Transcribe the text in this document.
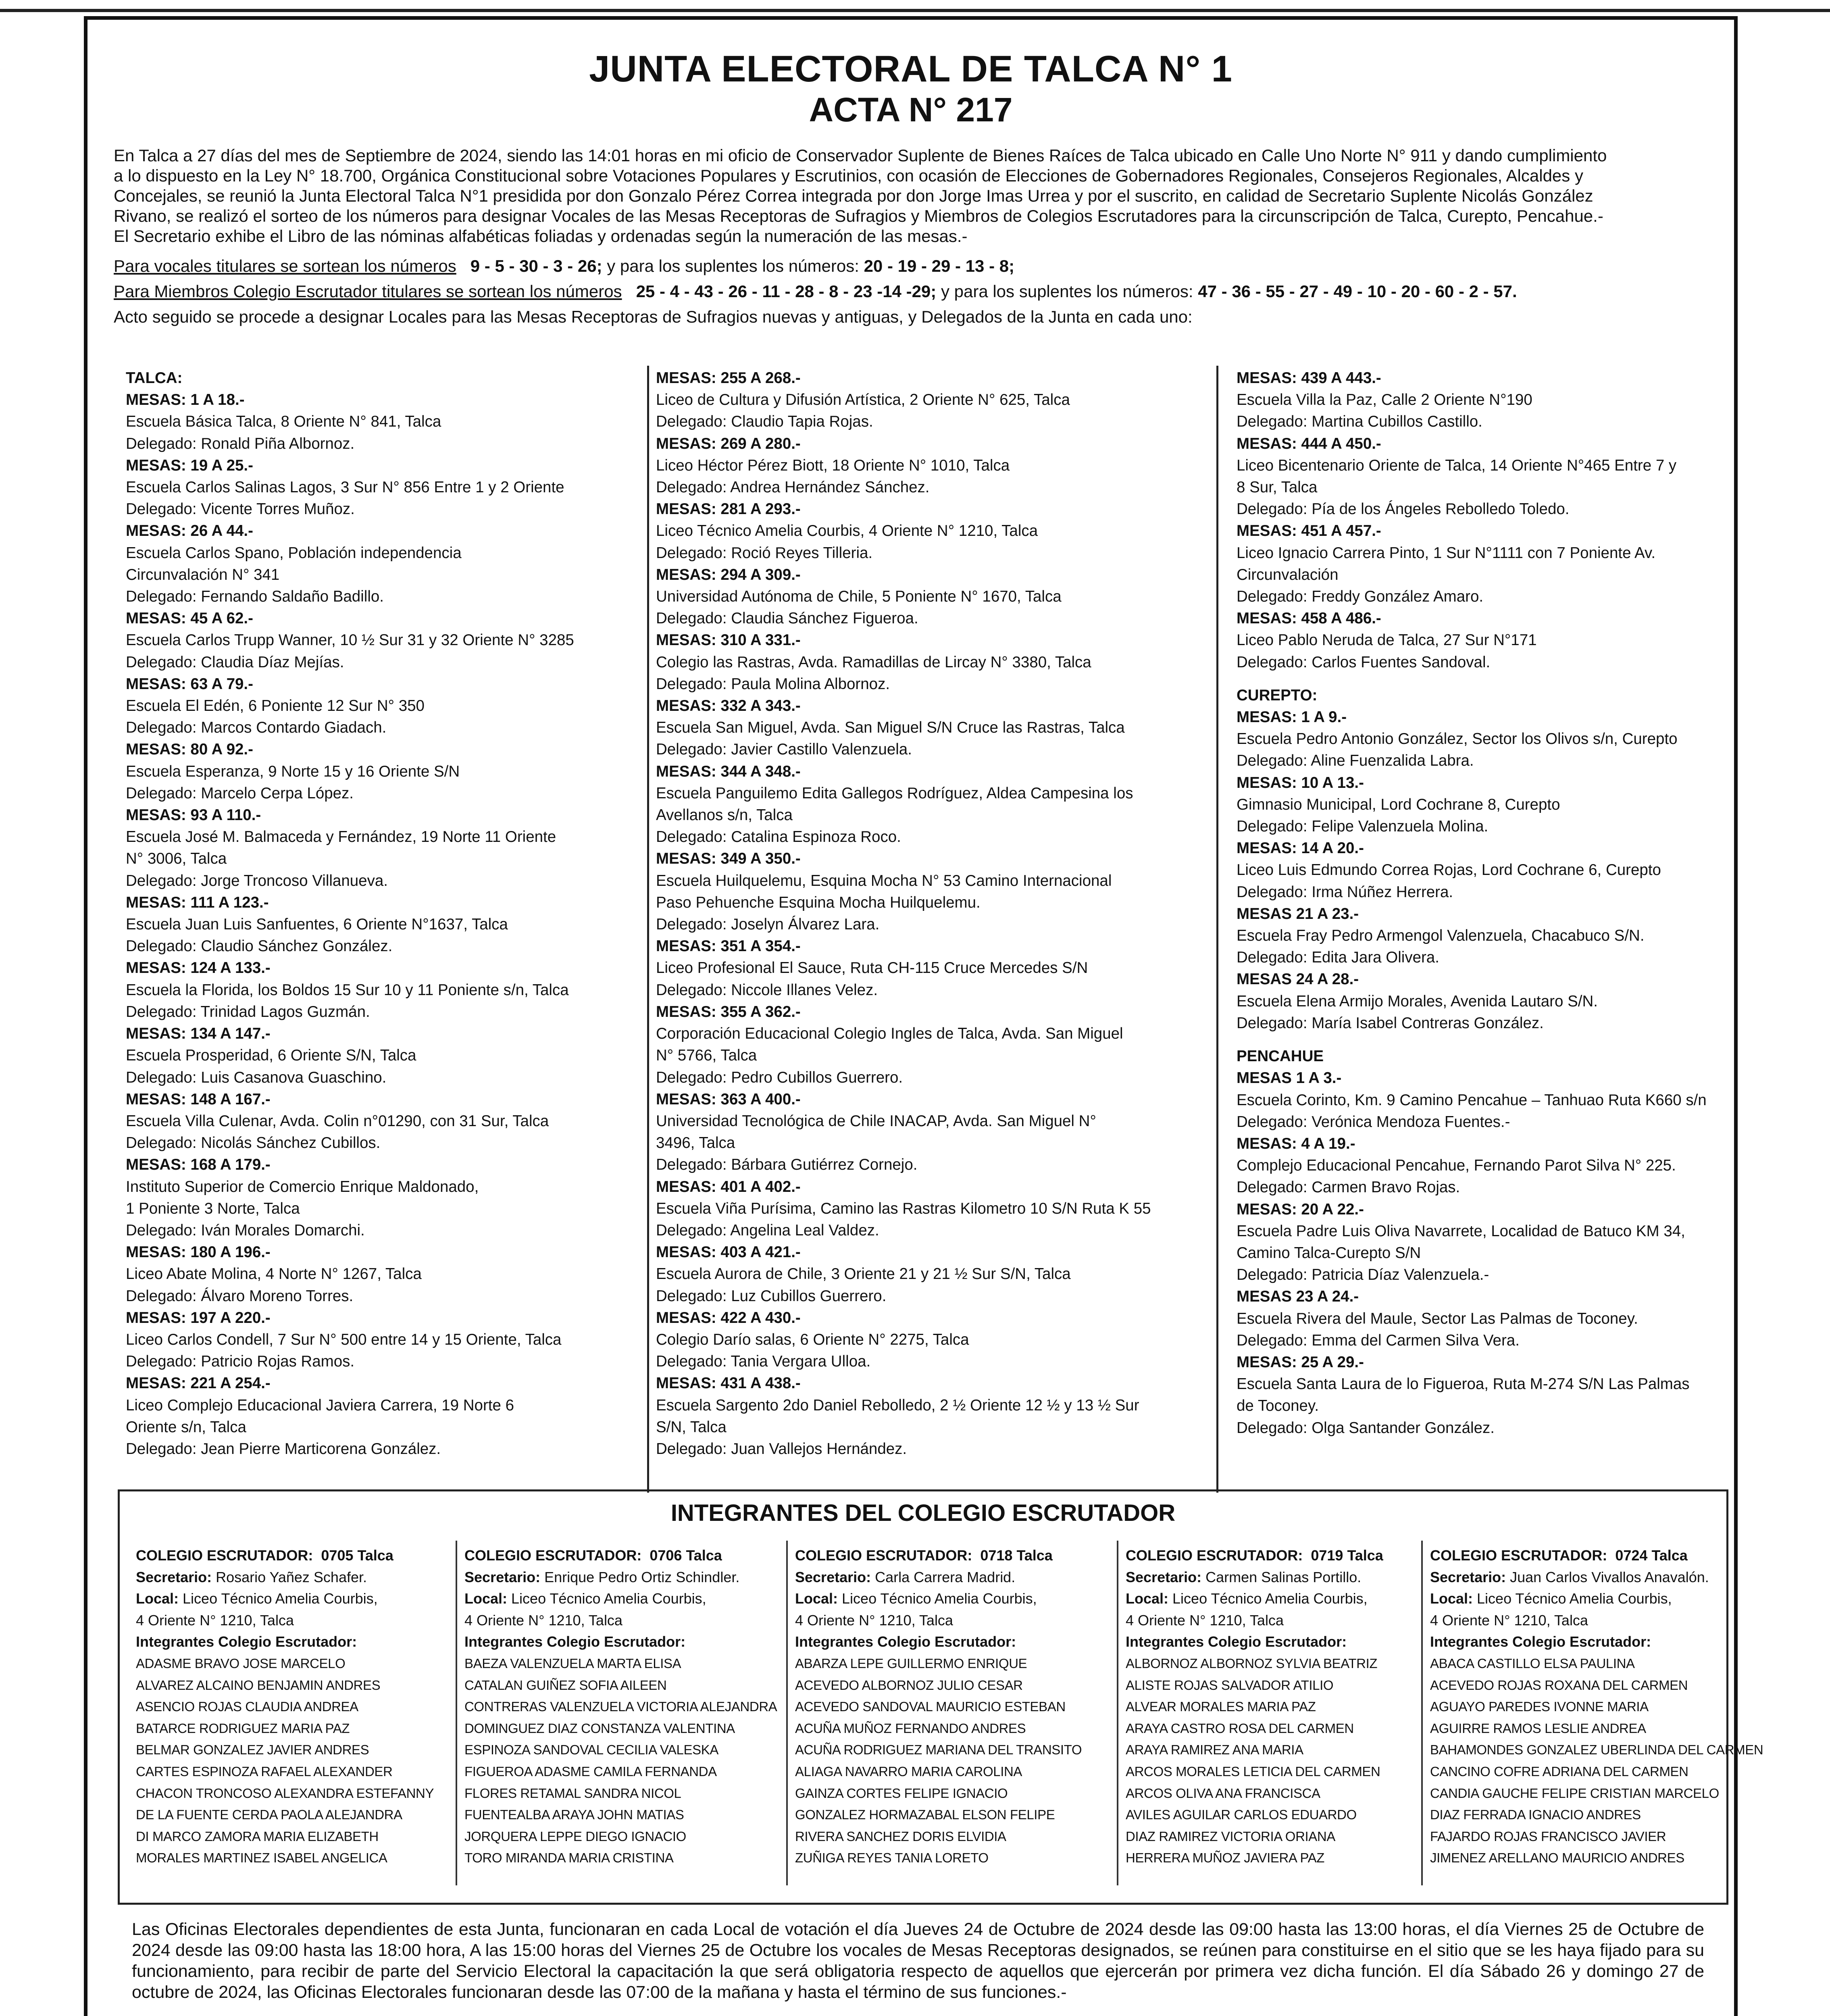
JUNTA ELECTORAL DE TALCA N° 1
ACTA N° 217
En Talca a 27 días del mes de Septiembre de 2024, siendo las 14:01 horas en mi oficio de Conservador Suplente de Bienes Raíces de Talca ubicado en Calle Uno Norte N° 911 y dando cumplimiento
a lo dispuesto en la Ley N° 18.700, Orgánica Constitucional sobre Votaciones Populares y Escrutinios, con ocasión de Elecciones de Gobernadores Regionales, Consejeros Regionales, Alcaldes y
Concejales, se reunió la Junta Electoral Talca N°1 presidida por don Gonzalo Pérez Correa integrada por don Jorge Imas Urrea y por el suscrito, en calidad de Secretario Suplente Nicolás González
Rivano, se realizó el sorteo de los números para designar Vocales de las Mesas Receptoras de Sufragios y Miembros de Colegios Escrutadores para la circunscripción de Talca, Curepto, Pencahue.-
El Secretario exhibe el Libro de las nóminas alfabéticas foliadas y ordenadas según la numeración de las mesas.-
Para vocales titulares se sortean los números 9 - 5 - 30 - 3 - 26; y para los suplentes los números: 20 - 19 - 29 - 13 - 8;
Para Miembros Colegio Escrutador titulares se sortean los números 25 - 4 - 43 - 26 - 11 - 28 - 8 - 23 -14 -29; y para los suplentes los números: 47 - 36 - 55 - 27 - 49 - 10 - 20 - 60 - 2 - 57.
Acto seguido se procede a designar Locales para las Mesas Receptoras de Sufragios nuevas y antiguas, y Delegados de la Junta en cada uno:
TALCA:
MESAS: 1 A 18.-
Escuela Básica Talca, 8 Oriente N° 841, Talca
Delegado: Ronald Piña Albornoz.
MESAS: 19 A 25.-
Escuela Carlos Salinas Lagos, 3 Sur N° 856 Entre 1 y 2 Oriente
Delegado: Vicente Torres Muñoz.
MESAS: 26 A 44.-
Escuela Carlos Spano, Población independencia
Circunvalación N° 341
Delegado: Fernando Saldaño Badillo.
MESAS: 45 A 62.-
Escuela Carlos Trupp Wanner, 10 ½ Sur 31 y 32 Oriente N° 3285
Delegado: Claudia Díaz Mejías.
MESAS: 63 A 79.-
Escuela El Edén, 6 Poniente 12 Sur N° 350
Delegado: Marcos Contardo Giadach.
MESAS: 80 A 92.-
Escuela Esperanza, 9 Norte 15 y 16 Oriente S/N
Delegado: Marcelo Cerpa López.
MESAS: 93 A 110.-
Escuela José M. Balmaceda y Fernández, 19 Norte 11 Oriente
N° 3006, Talca
Delegado: Jorge Troncoso Villanueva.
MESAS: 111 A 123.-
Escuela Juan Luis Sanfuentes, 6 Oriente N°1637, Talca
Delegado: Claudio Sánchez González.
MESAS: 124 A 133.-
Escuela la Florida, los Boldos 15 Sur 10 y 11 Poniente s/n, Talca
Delegado: Trinidad Lagos Guzmán.
MESAS: 134 A 147.-
Escuela Prosperidad, 6 Oriente S/N, Talca
Delegado: Luis Casanova Guaschino.
MESAS: 148 A 167.-
Escuela Villa Culenar, Avda. Colin n°01290, con 31 Sur, Talca
Delegado: Nicolás Sánchez Cubillos.
MESAS: 168 A 179.-
Instituto Superior de Comercio Enrique Maldonado,
1 Poniente 3 Norte, Talca
Delegado: Iván Morales Domarchi.
MESAS: 180 A 196.-
Liceo Abate Molina, 4 Norte N° 1267, Talca
Delegado: Álvaro Moreno Torres.
MESAS: 197 A 220.-
Liceo Carlos Condell, 7 Sur N° 500 entre 14 y 15 Oriente, Talca
Delegado: Patricio Rojas Ramos.
MESAS: 221 A 254.-
Liceo Complejo Educacional Javiera Carrera, 19 Norte 6
Oriente s/n, Talca
Delegado: Jean Pierre Marticorena González.
MESAS: 255 A 268.-
Liceo de Cultura y Difusión Artística, 2 Oriente N° 625, Talca
Delegado: Claudio Tapia Rojas.
MESAS: 269 A 280.-
Liceo Héctor Pérez Biott, 18 Oriente N° 1010, Talca
Delegado: Andrea Hernández Sánchez.
MESAS: 281 A 293.-
Liceo Técnico Amelia Courbis, 4 Oriente N° 1210, Talca
Delegado: Roció Reyes Tilleria.
MESAS: 294 A 309.-
Universidad Autónoma de Chile, 5 Poniente N° 1670, Talca
Delegado: Claudia Sánchez Figueroa.
MESAS: 310 A 331.-
Colegio las Rastras, Avda. Ramadillas de Lircay N° 3380, Talca
Delegado: Paula Molina Albornoz.
MESAS: 332 A 343.-
Escuela San Miguel, Avda. San Miguel S/N Cruce las Rastras, Talca
Delegado: Javier Castillo Valenzuela.
MESAS: 344 A 348.-
Escuela Panguilemo Edita Gallegos Rodríguez, Aldea Campesina los
Avellanos s/n, Talca
Delegado: Catalina Espinoza Roco.
MESAS: 349 A 350.-
Escuela Huilquelemu, Esquina Mocha N° 53 Camino Internacional
Paso Pehuenche Esquina Mocha Huilquelemu.
Delegado: Joselyn Álvarez Lara.
MESAS: 351 A 354.-
Liceo Profesional El Sauce, Ruta CH-115 Cruce Mercedes S/N
Delegado: Niccole Illanes Velez.
MESAS: 355 A 362.-
Corporación Educacional Colegio Ingles de Talca, Avda. San Miguel
N° 5766, Talca
Delegado: Pedro Cubillos Guerrero.
MESAS: 363 A 400.-
Universidad Tecnológica de Chile INACAP, Avda. San Miguel N°
3496, Talca
Delegado: Bárbara Gutiérrez Cornejo.
MESAS: 401 A 402.-
Escuela Viña Purísima, Camino las Rastras Kilometro 10 S/N Ruta K 55
Delegado: Angelina Leal Valdez.
MESAS: 403 A 421.-
Escuela Aurora de Chile, 3 Oriente 21 y 21 ½ Sur S/N, Talca
Delegado: Luz Cubillos Guerrero.
MESAS: 422 A 430.-
Colegio Darío salas, 6 Oriente N° 2275, Talca
Delegado: Tania Vergara Ulloa.
MESAS: 431 A 438.-
Escuela Sargento 2do Daniel Rebolledo, 2 ½ Oriente 12 ½ y 13 ½ Sur
S/N, Talca
Delegado: Juan Vallejos Hernández.
MESAS: 439 A 443.-
Escuela Villa la Paz, Calle 2 Oriente N°190
Delegado: Martina Cubillos Castillo.
MESAS: 444 A 450.-
Liceo Bicentenario Oriente de Talca, 14 Oriente N°465 Entre 7 y
8 Sur, Talca
Delegado: Pía de los Ángeles Rebolledo Toledo.
MESAS: 451 A 457.-
Liceo Ignacio Carrera Pinto, 1 Sur N°1111 con 7 Poniente Av.
Circunvalación
Delegado: Freddy González Amaro.
MESAS: 458 A 486.-
Liceo Pablo Neruda de Talca, 27 Sur N°171
Delegado: Carlos Fuentes Sandoval.
CUREPTO:
MESAS: 1 A 9.-
Escuela Pedro Antonio González, Sector los Olivos s/n, Curepto
Delegado: Aline Fuenzalida Labra.
MESAS: 10 A 13.-
Gimnasio Municipal, Lord Cochrane 8, Curepto
Delegado: Felipe Valenzuela Molina.
MESAS: 14 A 20.-
Liceo Luis Edmundo Correa Rojas, Lord Cochrane 6, Curepto
Delegado: Irma Núñez Herrera.
MESAS 21 A 23.-
Escuela Fray Pedro Armengol Valenzuela, Chacabuco S/N.
Delegado: Edita Jara Olivera.
MESAS 24 A 28.-
Escuela Elena Armijo Morales, Avenida Lautaro S/N.
Delegado: María Isabel Contreras González.
PENCAHUE
MESAS 1 A 3.-
Escuela Corinto, Km. 9 Camino Pencahue – Tanhuao Ruta K660 s/n
Delegado: Verónica Mendoza Fuentes.-
MESAS: 4 A 19.-
Complejo Educacional Pencahue, Fernando Parot Silva N° 225.
Delegado: Carmen Bravo Rojas.
MESAS: 20 A 22.-
Escuela Padre Luis Oliva Navarrete, Localidad de Batuco KM 34,
Camino Talca-Curepto S/N
Delegado: Patricia Díaz Valenzuela.-
MESAS 23 A 24.-
Escuela Rivera del Maule, Sector Las Palmas de Toconey.
Delegado: Emma del Carmen Silva Vera.
MESAS: 25 A 29.-
Escuela Santa Laura de lo Figueroa, Ruta M-274 S/N Las Palmas
de Toconey.
Delegado: Olga Santander González.
INTEGRANTES DEL COLEGIO ESCRUTADOR
COLEGIO ESCRUTADOR: 0705 Talca
Secretario: Rosario Yañez Schafer.
Local: Liceo Técnico Amelia Courbis,
4 Oriente N° 1210, Talca
Integrantes Colegio Escrutador:
ADASME BRAVO JOSE MARCELO
ALVAREZ ALCAINO BENJAMIN ANDRES
ASENCIO ROJAS CLAUDIA ANDREA
BATARCE RODRIGUEZ MARIA PAZ
BELMAR GONZALEZ JAVIER ANDRES
CARTES ESPINOZA RAFAEL ALEXANDER
CHACON TRONCOSO ALEXANDRA ESTEFANNY
DE LA FUENTE CERDA PAOLA ALEJANDRA
DI MARCO ZAMORA MARIA ELIZABETH
MORALES MARTINEZ ISABEL ANGELICA
COLEGIO ESCRUTADOR: 0706 Talca
Secretario: Enrique Pedro Ortiz Schindler.
Local: Liceo Técnico Amelia Courbis,
4 Oriente N° 1210, Talca
Integrantes Colegio Escrutador:
BAEZA VALENZUELA MARTA ELISA
CATALAN GUIÑEZ SOFIA AILEEN
CONTRERAS VALENZUELA VICTORIA ALEJANDRA
DOMINGUEZ DIAZ CONSTANZA VALENTINA
ESPINOZA SANDOVAL CECILIA VALESKA
FIGUEROA ADASME CAMILA FERNANDA
FLORES RETAMAL SANDRA NICOL
FUENTEALBA ARAYA JOHN MATIAS
JORQUERA LEPPE DIEGO IGNACIO
TORO MIRANDA MARIA CRISTINA
COLEGIO ESCRUTADOR: 0718 Talca
Secretario: Carla Carrera Madrid.
Local: Liceo Técnico Amelia Courbis,
4 Oriente N° 1210, Talca
Integrantes Colegio Escrutador:
ABARZA LEPE GUILLERMO ENRIQUE
ACEVEDO ALBORNOZ JULIO CESAR
ACEVEDO SANDOVAL MAURICIO ESTEBAN
ACUÑA MUÑOZ FERNANDO ANDRES
ACUÑA RODRIGUEZ MARIANA DEL TRANSITO
ALIAGA NAVARRO MARIA CAROLINA
GAINZA CORTES FELIPE IGNACIO
GONZALEZ HORMAZABAL ELSON FELIPE
RIVERA SANCHEZ DORIS ELVIDIA
ZUÑIGA REYES TANIA LORETO
COLEGIO ESCRUTADOR: 0719 Talca
Secretario: Carmen Salinas Portillo.
Local: Liceo Técnico Amelia Courbis,
4 Oriente N° 1210, Talca
Integrantes Colegio Escrutador:
ALBORNOZ ALBORNOZ SYLVIA BEATRIZ
ALISTE ROJAS SALVADOR ATILIO
ALVEAR MORALES MARIA PAZ
ARAYA CASTRO ROSA DEL CARMEN
ARAYA RAMIREZ ANA MARIA
ARCOS MORALES LETICIA DEL CARMEN
ARCOS OLIVA ANA FRANCISCA
AVILES AGUILAR CARLOS EDUARDO
DIAZ RAMIREZ VICTORIA ORIANA
HERRERA MUÑOZ JAVIERA PAZ
COLEGIO ESCRUTADOR: 0724 Talca
Secretario: Juan Carlos Vivallos Anavalón.
Local: Liceo Técnico Amelia Courbis,
4 Oriente N° 1210, Talca
Integrantes Colegio Escrutador:
ABACA CASTILLO ELSA PAULINA
ACEVEDO ROJAS ROXANA DEL CARMEN
AGUAYO PAREDES IVONNE MARIA
AGUIRRE RAMOS LESLIE ANDREA
BAHAMONDES GONZALEZ UBERLINDA DEL CARMEN
CANCINO COFRE ADRIANA DEL CARMEN
CANDIA GAUCHE FELIPE CRISTIAN MARCELO
DIAZ FERRADA IGNACIO ANDRES
FAJARDO ROJAS FRANCISCO JAVIER
JIMENEZ ARELLANO MAURICIO ANDRES

Las Oficinas Electorales dependientes de esta Junta, funcionaran en cada Local de votación el día Jueves 24 de Octubre de 2024 desde las 09:00 hasta las 13:00 horas, el día Viernes 25 de Octubre de 2024 desde las 09:00 hasta las 18:00 hora, A las 15:00 horas del Viernes 25 de Octubre los vocales de Mesas Receptoras designados, se reúnen para constituirse en el sitio que se les haya fijado para su funcionamiento, para recibir de parte del Servicio Electoral la capacitación la que será obligatoria respecto de aquellos que ejercerán por primera vez dicha función. El día Sábado 26 y domingo 27 de octubre de 2024, las Oficinas Electorales funcionaran desde las 07:00 de la mañana y hasta el término de sus funciones.-
